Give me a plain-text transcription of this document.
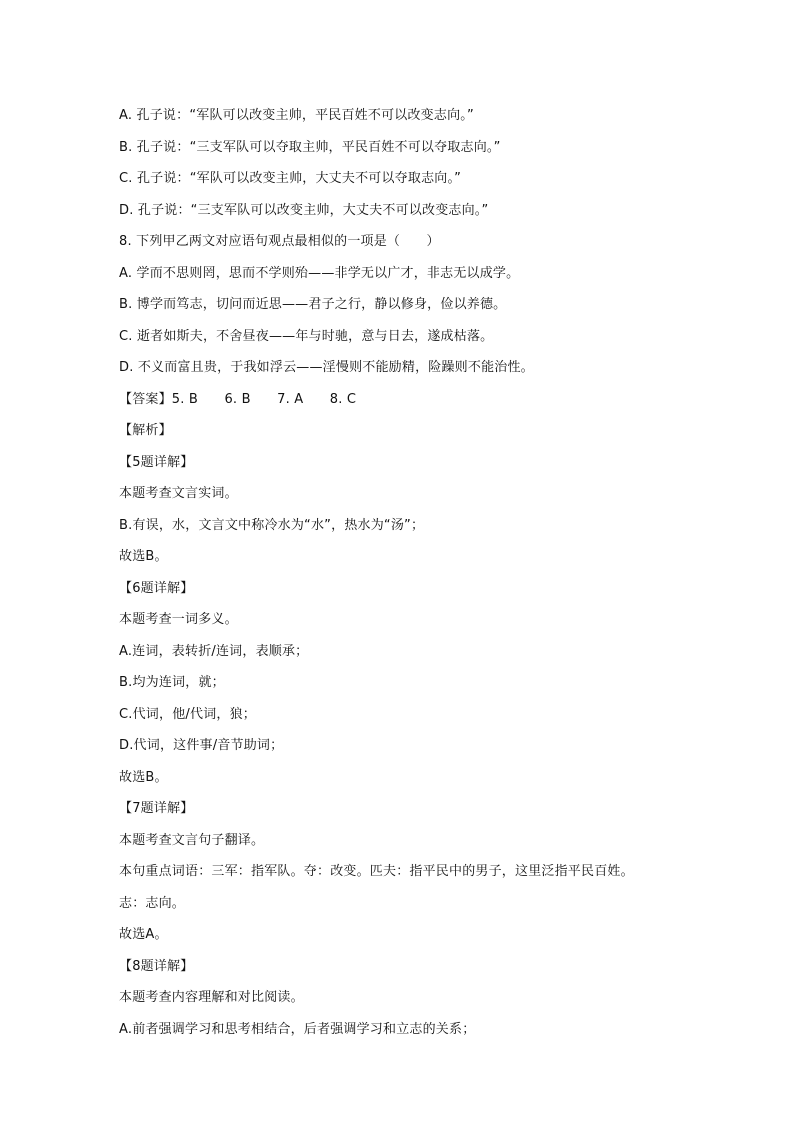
A. 孔子说：“军队可以改变主帅，平民百姓不可以改变志向。”
B. 孔子说：“三支军队可以夺取主帅，平民百姓不可以夺取志向。”
C. 孔子说：“军队可以改变主帅，大丈夫不可以夺取志向。”
D. 孔子说：“三支军队可以改变主帅，大丈夫不可以改变志向。”
8. 下列甲乙两文对应语句观点最相似的一项是（　　）
A. 学而不思则罔，思而不学则殆——非学无以广才，非志无以成学。
B. 博学而笃志，切问而近思——君子之行，静以修身，俭以养德。
C. 逝者如斯夫，不舍昼夜——年与时驰，意与日去，遂成枯落。
D. 不义而富且贵，于我如浮云——淫慢则不能励精，险躁则不能治性。
【答案】5. B　　6. B　　7. A　　8. C
【解析】
【5题详解】
本题考查文言实词。
B.有误，水，文言文中称冷水为“水”，热水为“汤”；
故选B。
【6题详解】
本题考查一词多义。
A.连词，表转折/连词，表顺承；
B.均为连词，就；
C.代词，他/代词，狼；
D.代词，这件事/音节助词；
故选B。
【7题详解】
本题考查文言句子翻译。
本句重点词语：三军：指军队。夺：改变。匹夫：指平民中的男子，这里泛指平民百姓。
志：志向。
故选A。
【8题详解】
本题考查内容理解和对比阅读。
A.前者强调学习和思考相结合，后者强调学习和立志的关系；
